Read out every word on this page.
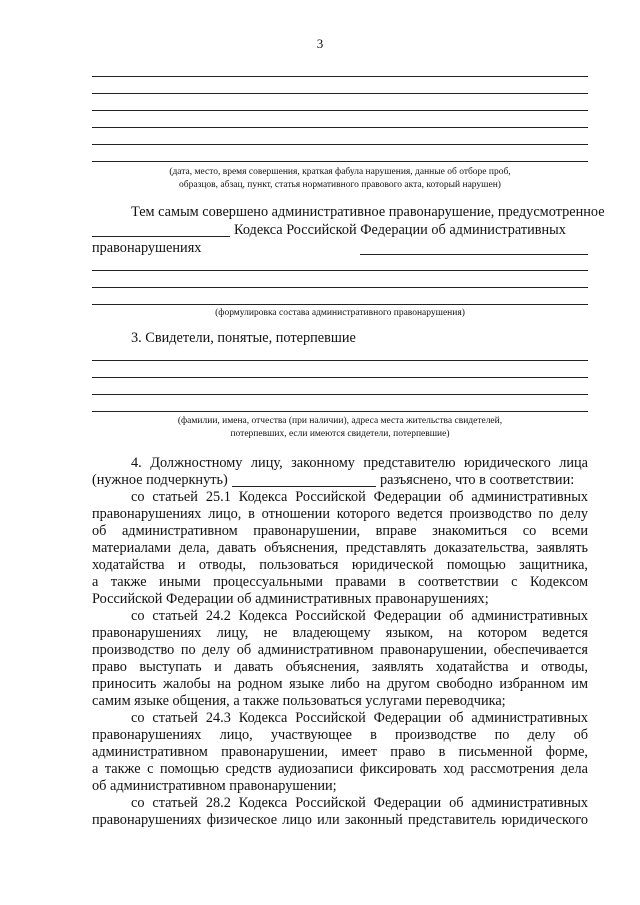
3
(дата, место, время совершения, краткая фабула нарушения, данные об отборе проб,
образцов, абзац, пункт, статья нормативного правового акта, который нарушен)
Тем самым совершено административное правонарушение, предусмотренное
Кодекса Российской Федерации об административных
правонарушениях
(формулировка состава административного правонарушения)
3. Свидетели, понятые, потерпевшие
(фамилии, имена, отчества (при наличии), адреса места жительства свидетелей,
потерпевших, если имеются свидетели, потерпевшие)
4. Должностному лицу, законному представителю юридического лица
(нужное подчеркнуть)	разъяснено, что в соответствии:
со статьей 25.1 Кодекса Российской Федерации об административных
правонарушениях лицо, в отношении которого ведется производство по делу
об административном правонарушении, вправе знакомиться со всеми
материалами дела, давать объяснения, представлять доказательства, заявлять
ходатайства и отводы, пользоваться юридической помощью защитника,
а также иными процессуальными правами в соответствии с Кодексом
Российской Федерации об административных правонарушениях;
со статьей 24.2 Кодекса Российской Федерации об административных
правонарушениях лицу, не владеющему языком, на котором ведется
производство по делу об административном правонарушении, обеспечивается
право выступать и давать объяснения, заявлять ходатайства и отводы,
приносить жалобы на родном языке либо на другом свободно избранном им
самим языке общения, а также пользоваться услугами переводчика;
со статьей 24.3 Кодекса Российской Федерации об административных
правонарушениях лицо, участвующее в производстве по делу об
административном правонарушении, имеет право в письменной форме,
а также с помощью средств аудиозаписи фиксировать ход рассмотрения дела
об административном правонарушении;
со статьей 28.2 Кодекса Российской Федерации об административных
правонарушениях физическое лицо или законный представитель юридического
